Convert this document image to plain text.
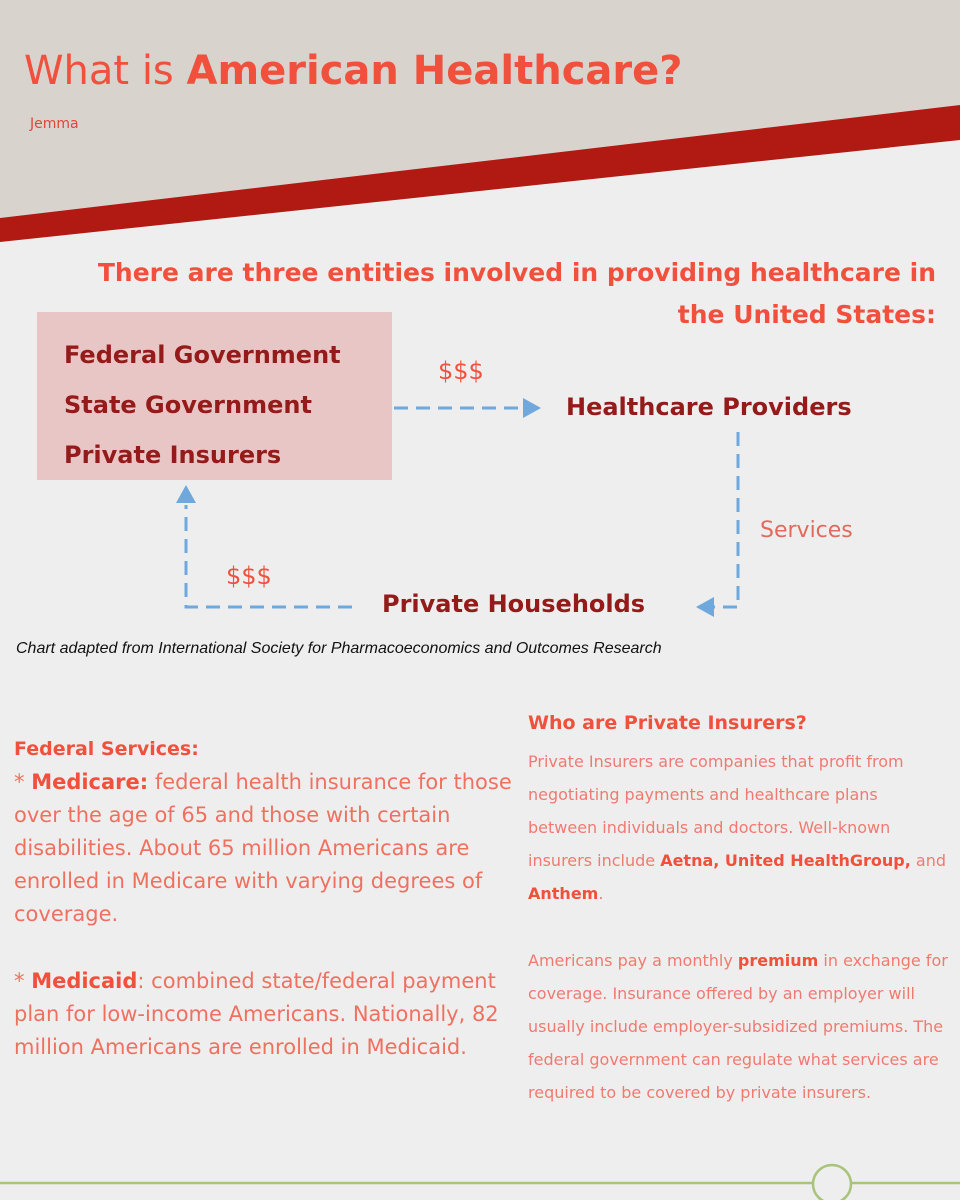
What is American Healthcare?
Jemma
There are three entities involved in providing healthcare in the United States:
Federal Government
State Government
Private Insurers
Healthcare Providers
Private Households
$$$
$$$
Services
Chart adapted from International Society for Pharmacoeconomics and Outcomes Research
Federal Services:
* Medicare: federal health insurance for those over the age of 65 and those with certain disabilities. About 65 million Americans are enrolled in Medicare with varying degrees of coverage.
* Medicaid: combined state/federal payment plan for low-income Americans. Nationally, 82 million Americans are enrolled in Medicaid.
Who are Private Insurers?
Private Insurers are companies that profit from negotiating payments and healthcare plans between individuals and doctors. Well-known insurers include Aetna, United HealthGroup, and Anthem.
Americans pay a monthly premium in exchange for coverage. Insurance offered by an employer will usually include employer-subsidized premiums. The federal government can regulate what services are required to be covered by private insurers.
